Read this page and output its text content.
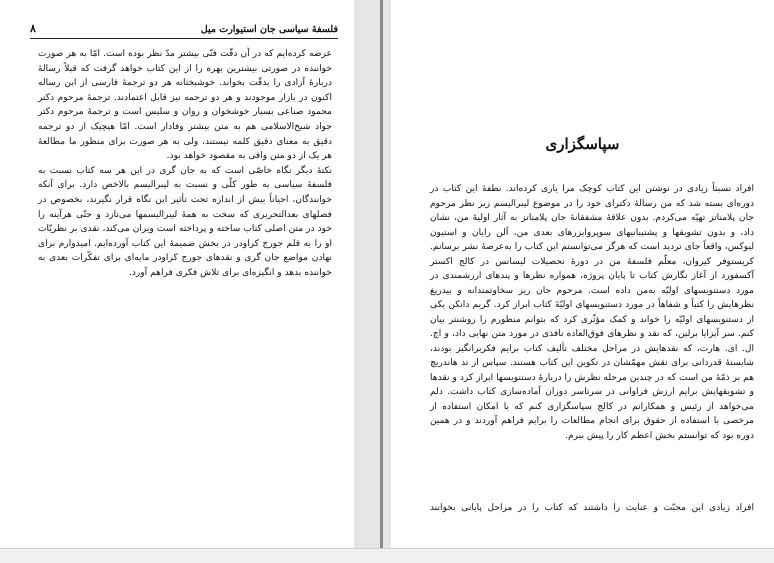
فلسفهٔ سیاسی جان استیوارت میل
۸

عرضه کرده‌ایم که در آن دقّت فنّی بیشتر مدّ نظر بوده است. امّا به هر صورت خواننده در صورتی بیشترین بهره را از این کتاب خواهد گرفت که قبلاً رسالهٔ دربارهٔ آزادی را بدقّت بخواند. خوشبختانه هر دو ترجمهٔ فارسی از این رساله اکنون در بازار موجودند و هر دو ترجمه نیز قابل اعتمادند. ترجمهٔ مرحوم دکتر محمود صناعی بسیار خوشخوان و روان و سلیس است و ترجمهٔ مرحوم دکتر جواد شیخ‌الاسلامی هم به متن بیشتر وفادار است. امّا هیچیک از دو ترجمه دقیق به معنای دقیق کلمه نیستند، ولی به هر صورت برای منظور ما مطالعهٔ هر یک از دو متن وافی به مقصود خواهد بود.

نکتهٔ دیگر نگاه خاصّی است که به جان گری در این هر سه کتاب نسبت به فلسفهٔ سیاسی به طور کلّی و نسبت به لیبرالیسم بالاخص دارد. برای آنکه خوانندگان، احیاناً بیش از اندازه تحت تأثیر این نگاه قرار نگیرند، بخصوص در فصلهای بعدالتحریری که سخت به همهٔ لیبرالیسمها می‌تازد و حتّی هرآینه را خود در متن اصلی کتاب ساخته و پرداخته است ویران می‌کند، نقدی بر نظریّات او را به قلم جورج کراودر در بخش ضمیمهٔ این کتاب آورده‌ایم. امیدوارم برای نهادن مواضع جان گری و نقدهای جورج کراودر مایه‌ای برای تفکّرات بعدی به خواننده بدهد و انگیزه‌ای برای تلاش فکری فراهم آورد.

سپاسگزاری

افراد نسبتاً زیادی در نوشتن این کتاب کوچک مرا یاری کرده‌اند. نطفهٔ این کتاب در دوره‌ای بسته شد که من رسالهٔ دکترای خود را در موضوع لیبرالیسم زیر نظر مرحوم جان پلامناتز تهیّه می‌کردم. بدون علاقهٔ مشفقانهٔ جان پلامناتز به آثار اولیهٔ من، نشان داد، و بدون تشویقها و پشتیبانیهای سوپروایزرهای بعدی من، آلن رایان و استیون لیوکس، واقعاً جای تردید است که هرگز می‌توانستم این کتاب را به‌عرصهٔ نشر برسانم. کریستوفر کیروان، معلّم فلسفهٔ من در دورهٔ تحصیلات لیسانس در کالج اکستر آکسفورد از آغاز نگارش کتاب تا پایان پروژه، همواره نظرها و پندهای ارزشمندی در مورد دستنویسهای اولیّه به‌من داده است. مرحوم جان ریز سخاوتمندانه و بیدریغ نظرهایش را کتباً و شفاهاً در مورد دستنویسهای اولیّهٔ کتاب ابراز کرد. گریم دانکن یکی از دستنویسهای اولیّه را خواند و کمک مؤثّری کرد که بتوانم منظورم را روشنتر بیان کنم. سر آیزایا برلین، که نقد و نظرهای فوق‌العاده نافذی در مورد متن نهایی داد، و اچ. ال. ای. هارت، که نقدهایش در مراحل مختلف تألیف کتاب برایم فکربرانگیز بودند، شایستهٔ قدردانی برای نقش مهمّشان در تکوین این کتاب هستند. سپاس از تد هاندریچ هم بر ذمّهٔ من است که در چندین مرحله نظرش را دربارهٔ دستنویسها ابراز کرد و نقدها و تشویقهایش برایم ارزش فراوانی در سرتاسر دوران آماده‌سازی کتاب داشت. دلم می‌خواهد از رئیس و همکارانم در کالج سپاسگزاری کنم که با امکان استفاده از مرخصی با استفاده از حقوق برای انجام مطالعات را برایم فراهم آوردند و در همین دوره بود که توانستم بخش اعظم کار را پیش ببرم.

افراد زیادی این محبّت و عنایت را داشتند که کتاب را در مراحل پایانی بخوانند
